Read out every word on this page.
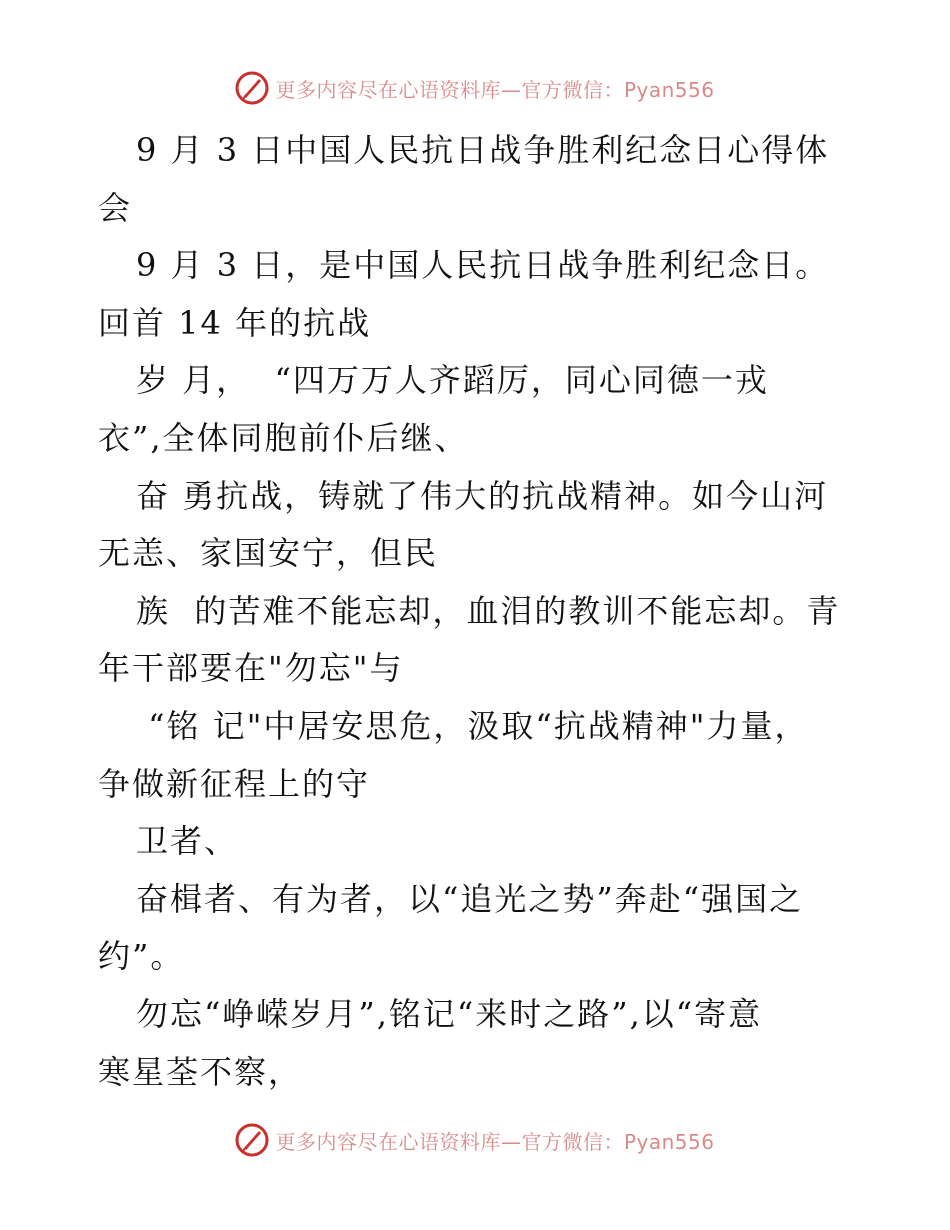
更多内容尽在心语资料库—官方微信：Pyan556
9 月 3 日中国人民抗日战争胜利纪念日心得体
会
9 月 3 日，是中国人民抗日战争胜利纪念日。
回首 14 年的抗战
岁 月，  “四万万人齐蹈厉，同心同德一戎
衣”,全体同胞前仆后继、
奋 勇抗战，铸就了伟大的抗战精神。如今山河
无恙、家国安宁，但民
族  的苦难不能忘却，血泪的教训不能忘却。青
年干部要在"勿忘"与
“铭 记"中居安思危，汲取“抗战精神"力量，
争做新征程上的守
卫者、
奋楫者、有为者，以“追光之势”奔赴“强国之
约”。
勿忘“峥嵘岁月”,铭记“来时之路”,以“寄意
寒星荃不察，
更多内容尽在心语资料库—官方微信：Pyan556
